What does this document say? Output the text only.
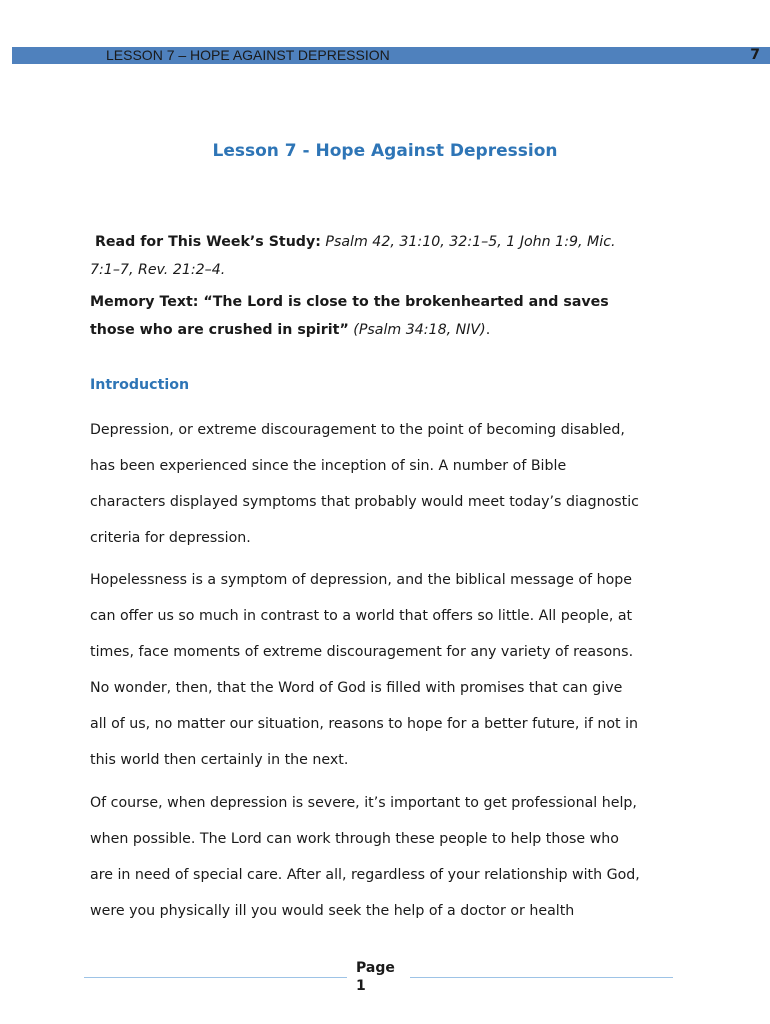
LESSON 7 – HOPE AGAINST DEPRESSION	7
Lesson 7 - Hope Against Depression

Read for This Week’s Study: Psalm 42, 31:10, 32:1–5, 1 John 1:9, Mic.
7:1–7, Rev. 21:2–4.

Memory Text: “The Lord is close to the brokenhearted and saves
those who are crushed in spirit” (Psalm 34:18, NIV).

Introduction

Depression, or extreme discouragement to the point of becoming disabled,
has been experienced since the inception of sin. A number of Bible
characters displayed symptoms that probably would meet today’s diagnostic
criteria for depression.

Hopelessness is a symptom of depression, and the biblical message of hope
can offer us so much in contrast to a world that offers so little. All people, at
times, face moments of extreme discouragement for any variety of reasons.
No wonder, then, that the Word of God is filled with promises that can give
all of us, no matter our situation, reasons to hope for a better future, if not in
this world then certainly in the next.

Of course, when depression is severe, it’s important to get professional help,
when possible. The Lord can work through these people to help those who
are in need of special care. After all, regardless of your relationship with God,
were you physically ill you would seek the help of a doctor or health

Page
1
